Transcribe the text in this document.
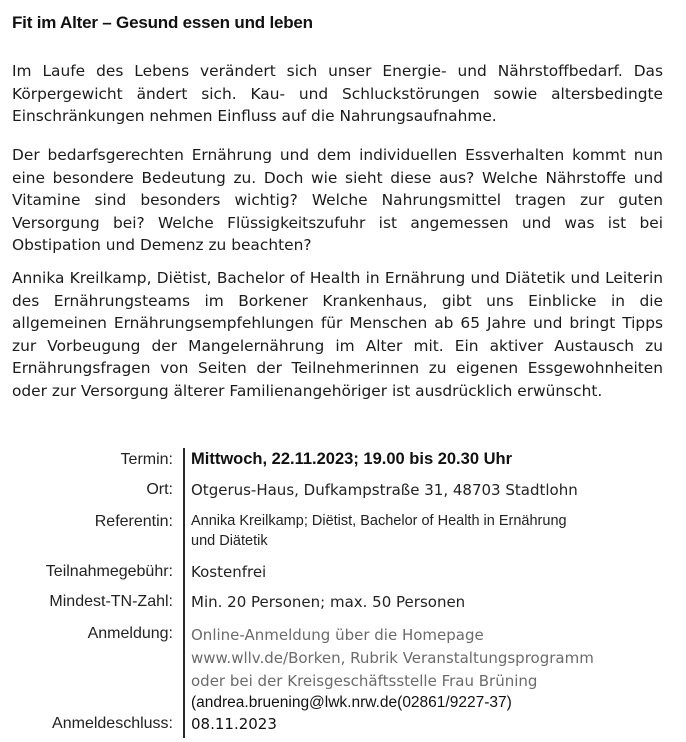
Fit im Alter – Gesund essen und leben

Im Laufe des Lebens verändert sich unser Energie- und Nährstoffbedarf. Das Körpergewicht ändert sich. Kau- und Schluckstörungen sowie altersbedingte Einschränkungen nehmen Einfluss auf die Nahrungsaufnahme.

Der bedarfsgerechten Ernährung und dem individuellen Essverhalten kommt nun eine besondere Bedeutung zu. Doch wie sieht diese aus? Welche Nährstoffe und Vitamine sind besonders wichtig? Welche Nahrungsmittel tragen zur guten Versorgung bei? Welche Flüssigkeitszufuhr ist angemessen und was ist bei Obstipation und Demenz zu beachten?

Annika Kreilkamp, Diëtist, Bachelor of Health in Ernährung und Diätetik und Leiterin des Ernährungsteams im Borkener Krankenhaus, gibt uns Einblicke in die allgemeinen Ernährungsempfehlungen für Menschen ab 65 Jahre und bringt Tipps zur Vorbeugung der Mangelernährung im Alter mit. Ein aktiver Austausch zu Ernährungsfragen von Seiten der Teilnehmerinnen zu eigenen Essgewohnheiten oder zur Versorgung älterer Familienangehöriger ist ausdrücklich erwünscht.

Termin: Mittwoch, 22.11.2023; 19.00 bis 20.30 Uhr
Ort: Otgerus-Haus, Dufkampstraße 31, 48703 Stadtlohn
Referentin: Annika Kreilkamp; Diëtist, Bachelor of Health in Ernährung
und Diätetik
Teilnahmegebühr: Kostenfrei
Mindest-TN-Zahl: Min. 20 Personen; max. 50 Personen
Anmeldung: Online-Anmeldung über die Homepage
www.wllv.de/Borken, Rubrik Veranstaltungsprogramm
oder bei der Kreisgeschäftsstelle Frau Brüning
(andrea.bruening@lwk.nrw.de(02861/9227-37)
Anmeldeschluss: 08.11.2023
